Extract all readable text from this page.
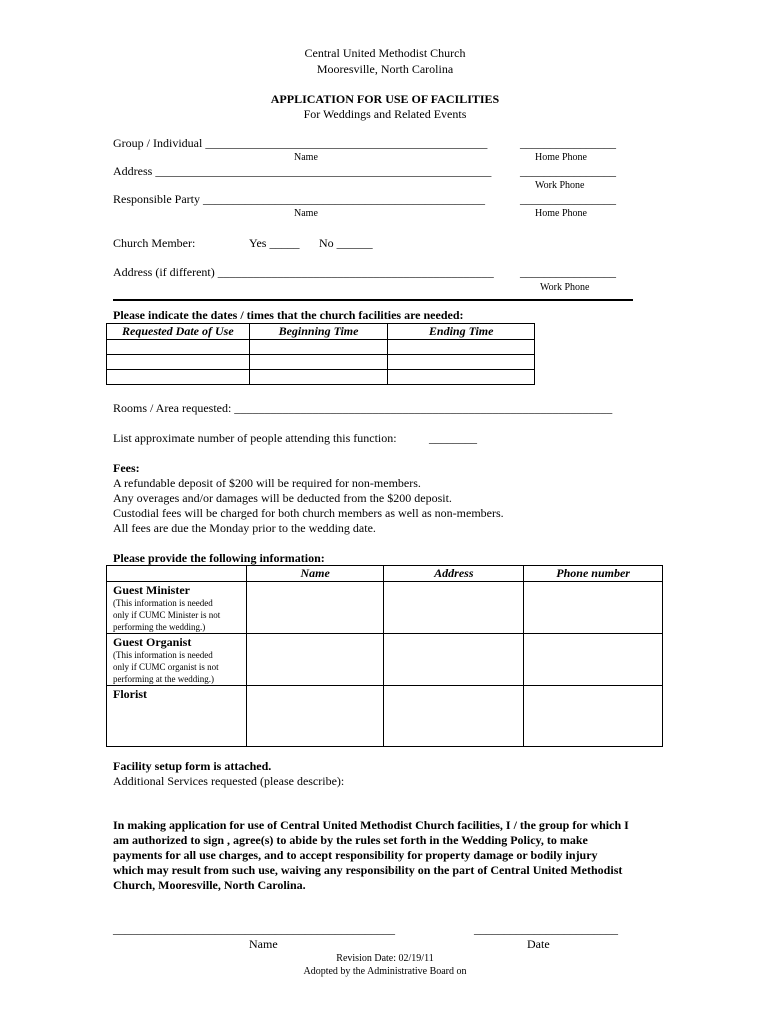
Central United Methodist Church
Mooresville, North Carolina
APPLICATION FOR USE OF FACILITIES
For Weddings and Related Events
Group / Individual _______________________________________________	________________
Name	Home Phone
Address ________________________________________________________ ________________
Work Phone
Responsible Party _______________________________________________	________________
Name	Home Phone
Church Member:	Yes _____ No ______
Address (if different) ______________________________________________ ________________
Work Phone
Please indicate the dates / times that the church facilities are needed:
Requested Date of Use	Beginning Time	Ending Time

Rooms / Area requested: _______________________________________________________________
List approximate number of people attending this function:	________
Fees:
A refundable deposit of $200 will be required for non-members.
Any overages and/or damages will be deducted from the $200 deposit.
Custodial fees will be charged for both church members as well as non-members.
All fees are due the Monday prior to the wedding date.
Please provide the following information:
	Name	Address	Phone number

Guest Minister
(This information is needed
only if CUMC Minister is not
performing the wedding.)			

Guest Organist
(This information is needed
only if CUMC organist is not
performing at the wedding.)			

Florist			

Facility setup form is attached.
Additional Services requested (please describe):
In making application for use of Central United Methodist Church facilities, I / the group for which I
am authorized to sign , agree(s) to abide by the rules set forth in the Wedding Policy, to make
payments for all use charges, and to accept responsibility for property damage or bodily injury
which may result from such use, waiving any responsibility on the part of Central United Methodist
Church, Mooresville, North Carolina.
_______________________________________________	________________________
Name	Date
Revision Date: 02/19/11
Adopted by the Administrative Board on
